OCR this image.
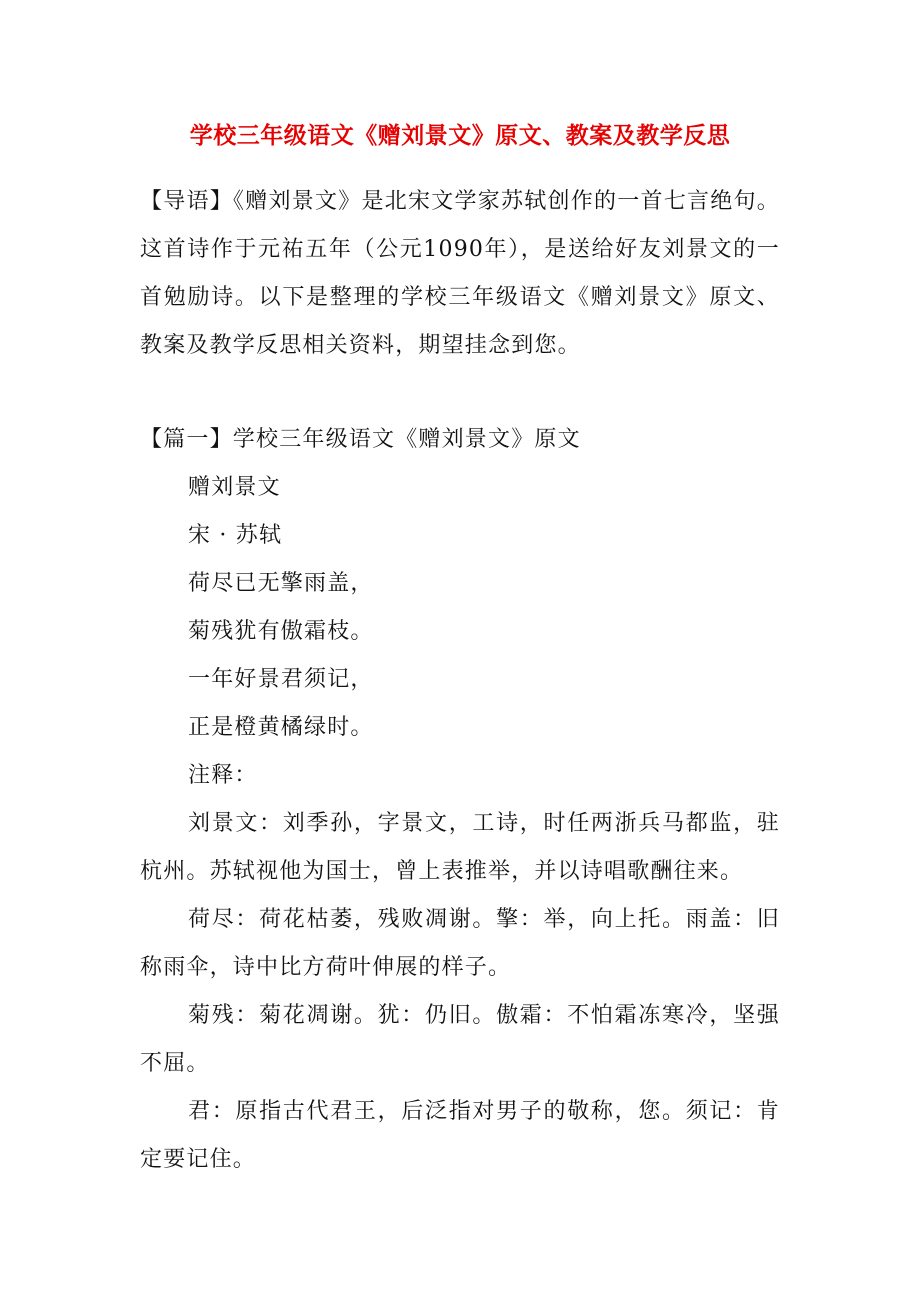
学校三年级语文《赠刘景文》原文、教案及教学反思
【导语】《赠刘景文》是北宋文学家苏轼创作的一首七言绝句。这首诗作于元祐五年（公元1090年），是送给好友刘景文的一首勉励诗。以下是整理的学校三年级语文《赠刘景文》原文、教案及教学反思相关资料，期望挂念到您。

【篇一】学校三年级语文《赠刘景文》原文

赠刘景文

宋 · 苏轼

荷尽已无擎雨盖，

菊残犹有傲霜枝。

一年好景君须记，

正是橙黄橘绿时。

注释：

刘景文：刘季孙，字景文，工诗，时任两浙兵马都监，驻杭州。苏轼视他为国士，曾上表推举，并以诗唱歌酬往来。

荷尽：荷花枯萎，残败凋谢。擎：举，向上托。雨盖：旧称雨伞，诗中比方荷叶伸展的样子。

菊残：菊花凋谢。犹：仍旧。傲霜：不怕霜冻寒冷，坚强不屈。

君：原指古代君王，后泛指对男子的敬称，您。须记：肯定要记住。
